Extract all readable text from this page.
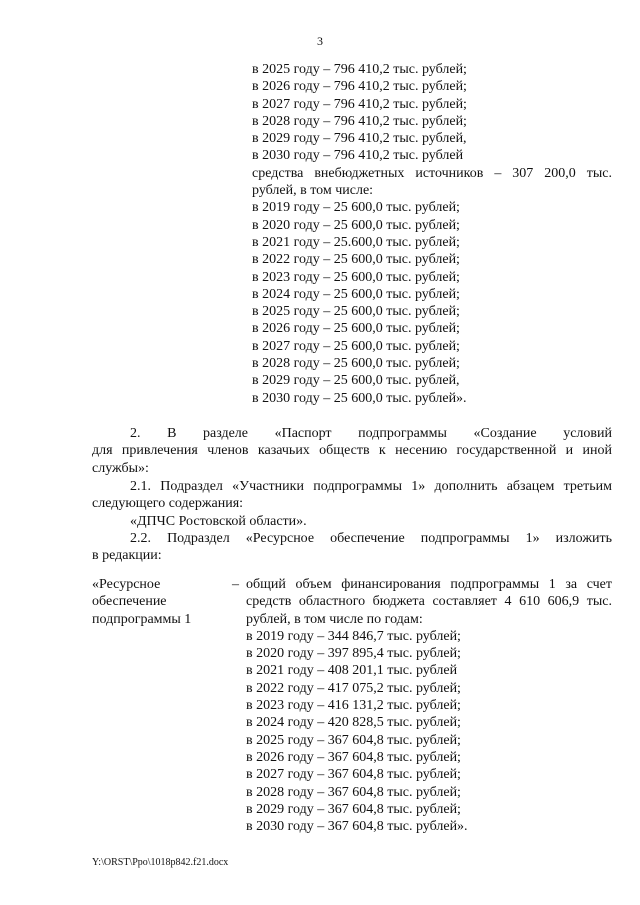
3
в 2025 году – 796 410,2 тыс. рублей;
в 2026 году – 796 410,2 тыс. рублей;
в 2027 году – 796 410,2 тыс. рублей;
в 2028 году – 796 410,2 тыс. рублей;
в 2029 году – 796 410,2 тыс. рублей,
в 2030 году – 796 410,2 тыс. рублей
средства внебюджетных источников – 307 200,0 тыс.
рублей, в том числе:
в 2019 году – 25 600,0 тыс. рублей;
в 2020 году – 25 600,0 тыс. рублей;
в 2021 году – 25.600,0 тыс. рублей;
в 2022 году – 25 600,0 тыс. рублей;
в 2023 году – 25 600,0 тыс. рублей;
в 2024 году – 25 600,0 тыс. рублей;
в 2025 году – 25 600,0 тыс. рублей;
в 2026 году – 25 600,0 тыс. рублей;
в 2027 году – 25 600,0 тыс. рублей;
в 2028 году – 25 600,0 тыс. рублей;
в 2029 году – 25 600,0 тыс. рублей,
в 2030 году – 25 600,0 тыс. рублей».
2. В разделе «Паспорт подпрограммы «Создание условий
для привлечения членов казачьих обществ к несению государственной и иной
службы»:
2.1. Подраздел «Участники подпрограммы 1» дополнить абзацем третьим
следующего содержания:
«ДПЧС Ростовской области».
2.2. Подраздел «Ресурсное обеспечение подпрограммы 1» изложить
в редакции:
«Ресурсное
обеспечение
подпрограммы 1
– общий объем финансирования подпрограммы 1 за счет
средств областного бюджета составляет 4 610 606,9 тыс.
рублей, в том числе по годам:
в 2019 году – 344 846,7 тыс. рублей;
в 2020 году – 397 895,4 тыс. рублей;
в 2021 году – 408 201,1 тыс. рублей
в 2022 году – 417 075,2 тыс. рублей;
в 2023 году – 416 131,2 тыс. рублей;
в 2024 году – 420 828,5 тыс. рублей;
в 2025 году – 367 604,8 тыс. рублей;
в 2026 году – 367 604,8 тыс. рублей;
в 2027 году – 367 604,8 тыс. рублей;
в 2028 году – 367 604,8 тыс. рублей;
в 2029 году – 367 604,8 тыс. рублей;
в 2030 году – 367 604,8 тыс. рублей».
Y:\ORST\Ppo\1018p842.f21.docx
